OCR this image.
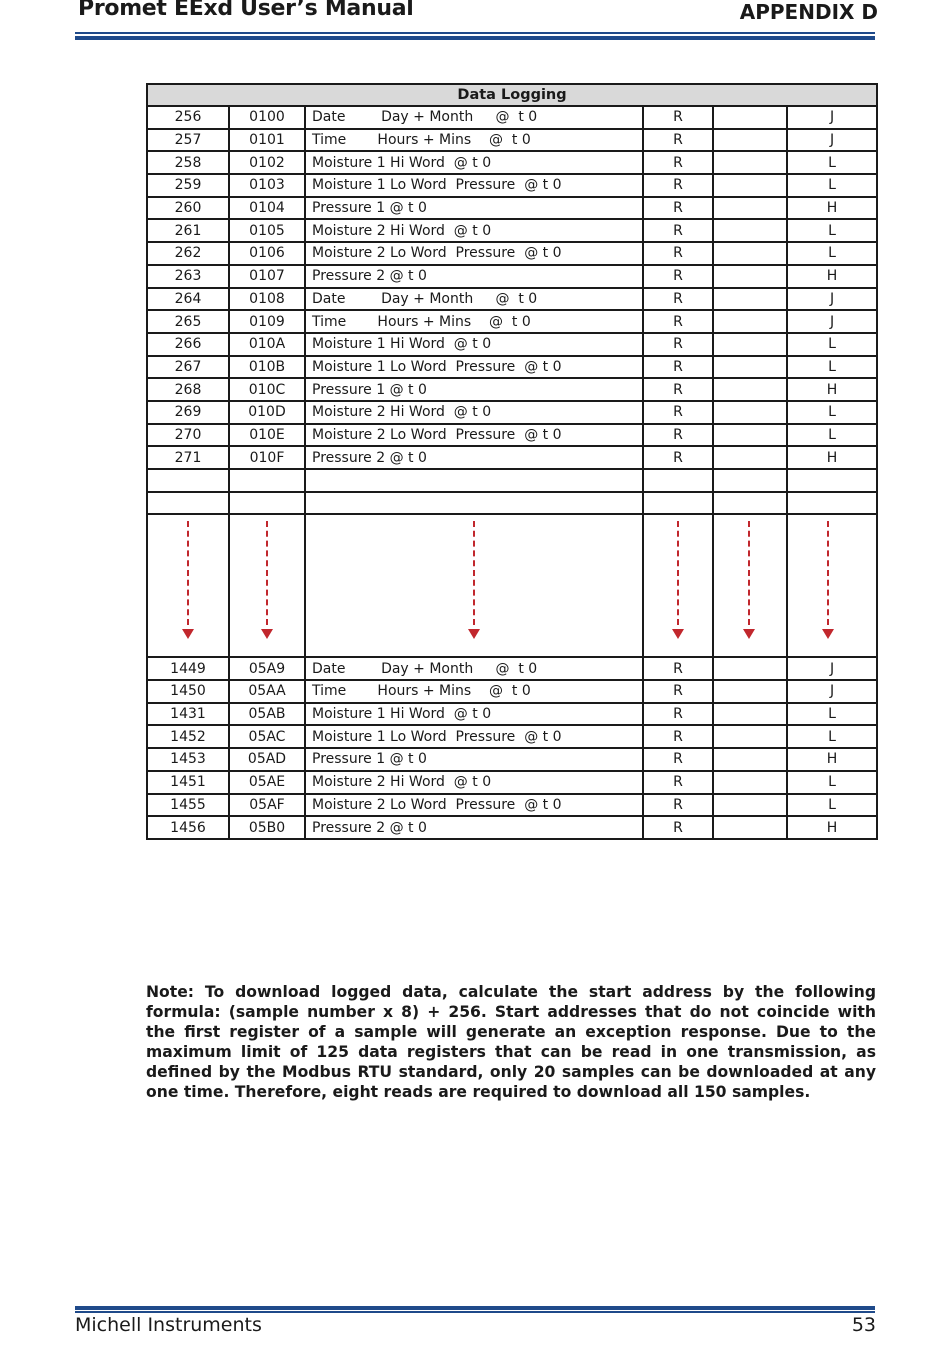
Promet EExd User’s Manual	APPENDIX D
Data Logging					
256	0100	Date        Day + Month     @  t 0	R		J
257	0101	Time       Hours + Mins    @  t 0	R		J
258	0102	Moisture 1 Hi Word  @ t 0	R		L
259	0103	Moisture 1 Lo Word  Pressure  @ t 0	R		L
260	0104	Pressure 1 @ t 0	R		H
261	0105	Moisture 2 Hi Word  @ t 0	R		L
262	0106	Moisture 2 Lo Word  Pressure  @ t 0	R		L
263	0107	Pressure 2 @ t 0	R		H
264	0108	Date        Day + Month     @  t 0	R		J
265	0109	Time       Hours + Mins    @  t 0	R		J
266	010A	Moisture 1 Hi Word  @ t 0	R		L
267	010B	Moisture 1 Lo Word  Pressure  @ t 0	R		L
268	010C	Pressure 1 @ t 0	R		H
269	010D	Moisture 2 Hi Word  @ t 0	R		L
270	010E	Moisture 2 Lo Word  Pressure  @ t 0	R		L
271	010F	Pressure 2 @ t 0	R		H

1449	05A9	Date        Day + Month     @  t 0	R		J
1450	05AA	Time       Hours + Mins    @  t 0	R		J
1431	05AB	Moisture 1 Hi Word  @ t 0	R		L
1452	05AC	Moisture 1 Lo Word  Pressure  @ t 0	R		L
1453	05AD	Pressure 1 @ t 0	R		H
1451	05AE	Moisture 2 Hi Word  @ t 0	R		L
1455	05AF	Moisture 2 Lo Word  Pressure  @ t 0	R		L
1456	05B0	Pressure 2 @ t 0	R		H

Note: To download logged data, calculate the start address by the following formula: (sample number x 8) + 256. Start addresses that do not coincide with the first register of a sample will generate an exception response. Due to the maximum limit of 125 data registers that can be read in one transmission, as defined by the Modbus RTU standard, only 20 samples can be downloaded at any one time. Therefore, eight reads are required to download all 150 samples.

Michell Instruments	53
